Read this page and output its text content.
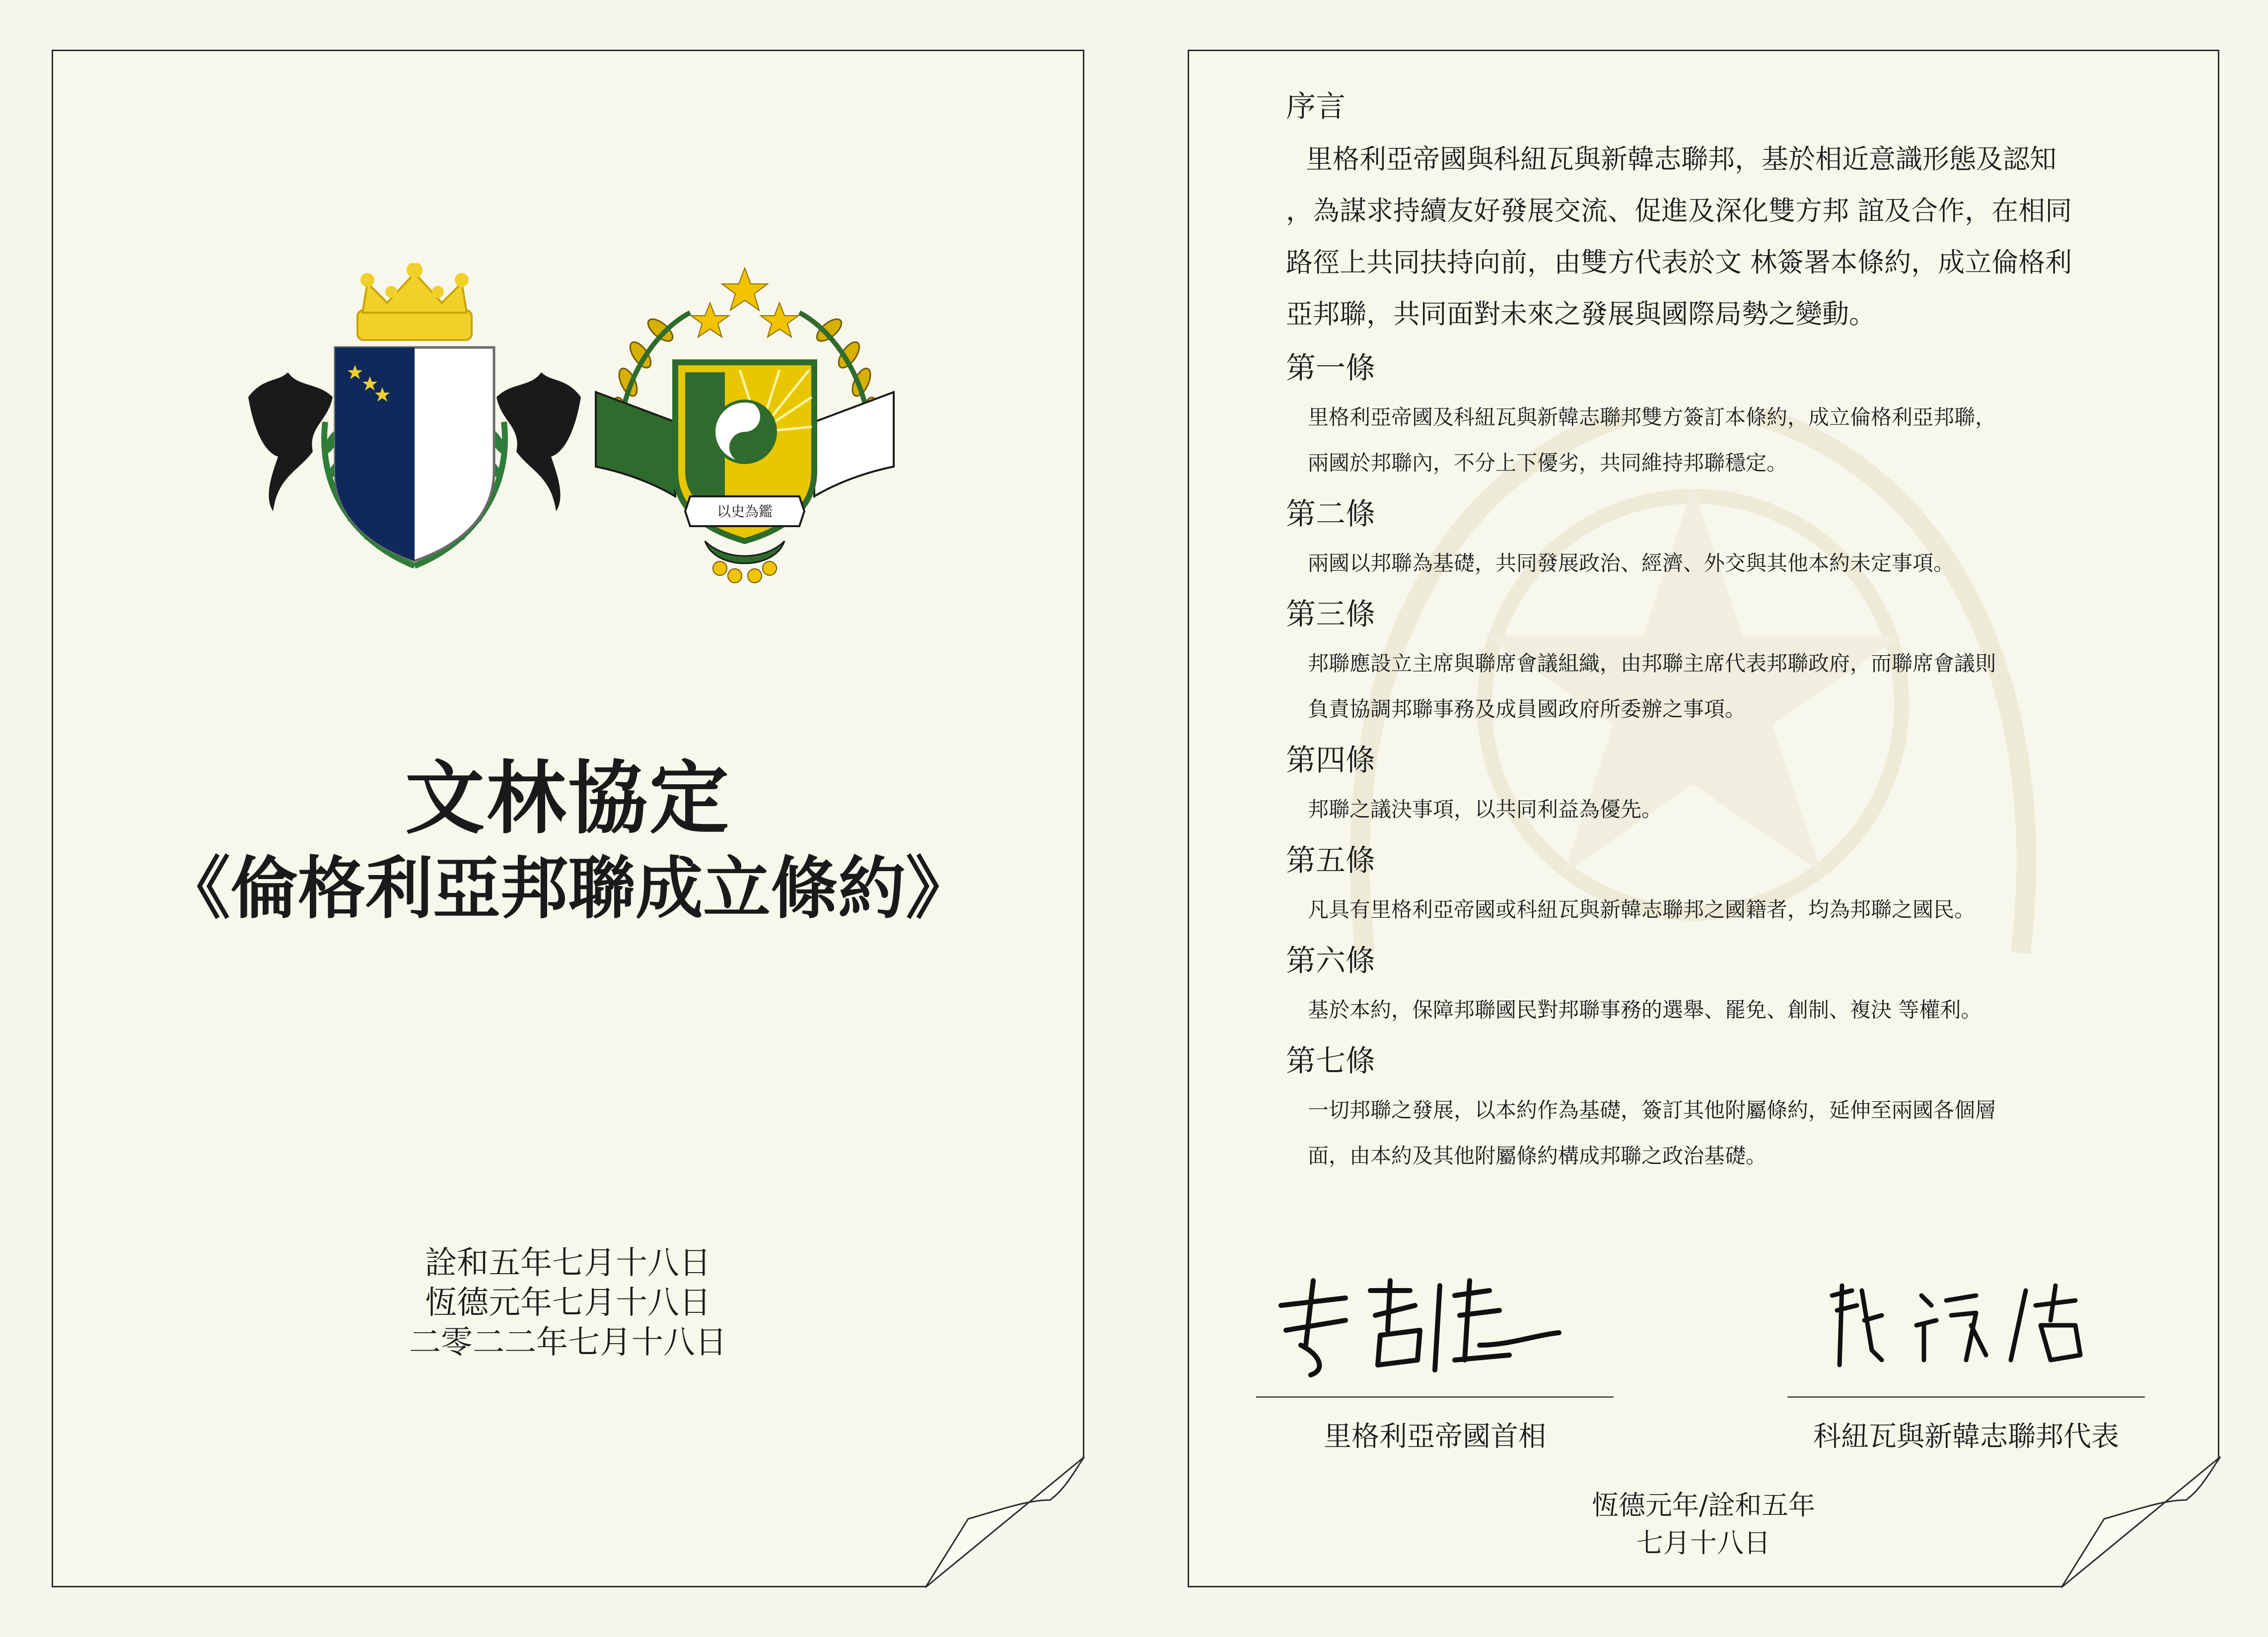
以史為鑑
文林協定
《倫格利亞邦聯成立條約》
詮和五年七月十八日
恆德元年七月十八日
二零二二年七月十八日
序言
里格利亞帝國與科紐瓦與新韓志聯邦，基於相近意識形態及認知
，為謀求持續友好發展交流、促進及深化雙方邦 誼及合作，在相同
路徑上共同扶持向前，由雙方代表於文 林簽署本條約，成立倫格利
亞邦聯，共同面對未來之發展與國際局勢之變動。
第一條
里格利亞帝國及科紐瓦與新韓志聯邦雙方簽訂本條約，成立倫格利亞邦聯，
兩國於邦聯內，不分上下優劣，共同維持邦聯穩定。
第二條
兩國以邦聯為基礎，共同發展政治、經濟、外交與其他本約未定事項。
第三條
邦聯應設立主席與聯席會議組織，由邦聯主席代表邦聯政府，而聯席會議則
負責協調邦聯事務及成員國政府所委辦之事項。
第四條
邦聯之議決事項，以共同利益為優先。
第五條
凡具有里格利亞帝國或科紐瓦與新韓志聯邦之國籍者，均為邦聯之國民。
第六條
基於本約，保障邦聯國民對邦聯事務的選舉、罷免、創制、複決 等權利。
第七條
一切邦聯之發展，以本約作為基礎，簽訂其他附屬條約，延伸至兩國各個層
面，由本約及其他附屬條約構成邦聯之政治基礎。
里格利亞帝國首相	科紐瓦與新韓志聯邦代表
恆德元年/詮和五年
七月十八日
